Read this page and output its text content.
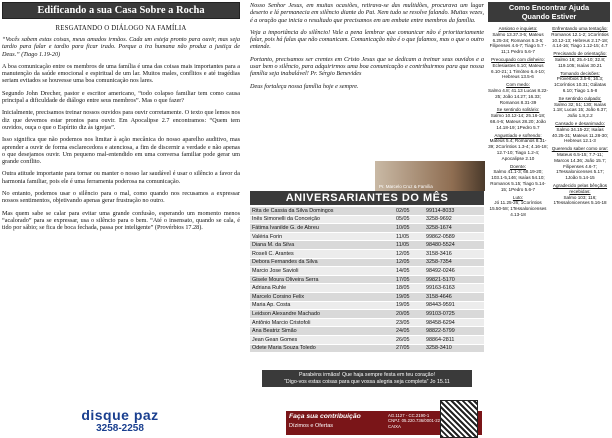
Edificando a sua Casa Sobre a Rocha
RESGATANDO O DIÁLOGO NA FAMÍLIA

“Vocês sabem estas coisas, meus amados irmãos. Cada um esteja pronto para ouvir, mas seja tardio para falar e tardio para ficar irado. Porque a ira humana não produz a justiça de Deus.” (Tiago 1.19-20)

A boa comunicação entre os membros de uma família é uma das coisas mais importantes para a manutenção da saúde emocional e espiritual de um lar. Muitos males, conflitos e até tragédias seriam evitados se houvesse uma boa comunicação nos lares.

Segundo John Drecher, pastor e escritor americano, “todo colapso familiar tem como causa principal a dificuldade de diálogo entre seus membros”. Mas o que fazer?

Inicialmente, precisamos treinar nossos ouvidos para ouvir corretamente. O texto que lemos nos diz que devemos estar prontos para ouvir. Em Apocalipse 2.7 encontramos: “Quem tem ouvidos, ouça o que o Espírito diz às igrejas”.

Isso significa que não podemos nos limitar à ação mecânica do nosso aparelho auditivo, mas aprender a ouvir de forma esclarecedora e atenciosa, a fim de discernir a verdade e não apenas o que desejamos ouvir. Um pequeno mal-entendido em uma conversa familiar pode gerar um grande conflito.

Outra atitude importante para tornar ou manter o nosso lar saudável é usar o silêncio a favor da harmonia familiar, pois ele é uma ferramenta poderosa na comunicação.

No entanto, podemos usar o silêncio para o mal, como quando nos recusamos a expressar nossos sentimentos, objetivando apenas gerar frustração no outro.

Mas quem sabe se calar para evitar uma grande confusão, esperando um momento menos “acalorado” para se expressar, usa o silêncio para o bem. “Até o insensato, quando se cala, é tido por sábio; se fica de boca fechada, passa por inteligente” (Provérbios 17.28).

disque paz
3258-2258

Nosso Senhor Jesus, em muitas ocasiões, retirava-se das multidões, procurava um lugar deserto e lá permanecia em silêncio diante do Pai. Nem tudo se resolve falando. Muitas vezes, é a oração que inicia o resultado que precisamos em um embate entre membros da família.

Veja a importância do silêncio! Vale a pena lembrar que comunicar não é prioritariamente falar, pois há falas que não comunicam. Comunicação não é o que falamos, mas o que o outro entende.

Portanto, precisamos ser crentes em Cristo Jesus que se dedicam a treinar seus ouvidos e a usar bem o silêncio, para adquirirmos uma boa comunicação e contribuirmos para que nossa família seja inabalável! Pr. Sérgio Benevides

Deus fortaleça nossa família hoje e sempre.

Pr. Marcelo Cruz & Família
ANIVERSARIANTES DO MÊS
Rita de Cassia da Silva Domingos	02/05	99114-8033
Inês Simonelli da Conceição	05/05	3258-9692
Fátima Ivanilde G. de Abreu	10/05	3258-1674
Valéria Forin	11/05	99862-0589
Diana M. da Silva	11/05	98480-5524
Roseli C. Arantes	12/05	3158-3416
Debora Fernandes da Silva	12/05	3258-7354
Marcio Jose Savioli	14/05	98492-0246
Gisele Moura Oliveira Serra	17/05	99821-5170
Adriana Ruhle	18/05	99163-6163
Marcelo Corsino Felix	19/05	3158-4646
Maria Ap. Costa	19/05	98443-9591
Leidson Alexandre Machado	20/05	99103-0725
Antônio Marcio Cristofoli	23/05	98458-6294
Ana Beatriz Simão	24/05	98822-5799
Jean Gean Gomes	26/05	98864-2811
Odete Maria Souza Toledo	27/05	3258-3410
Parabéns irmãos! Que haja sempre festa em teu coração!
“Digo-vos estas coisas para que vossa alegria seja completa” Jo 15.11
Faça sua contribuição
Dízimos e Ofertas
AG.1127 - CC.2190-1
CNPJ: 05.220.736/0001-22
CAIXA
Como Encontrar Ajuda
Quando Estiver
Ansioso e inquieto:
Salmo 13.37.3-5; Mateus 6.25-34; Romanos 5.3-5; Filipenses 4.6-7; Tiago 5.7 - 11;1 Pedro 5.6-7
Preocupado com dinheiro:
Eclesiastes 5.10; Mateus 6.10-21; 1 Timóteo 6.4-10; Hebreus 13.5-6
Com medo:
Salmo 4.8; 41.13 Lucas 8.22-25; João 14.27; 16.33; Romanos 8.31-39
Se sentindo solitário:
Salmo 10.12-14; 25.16-18; 68.4-6; Mateus 28.20; João 14.18-19; 1Pedro 5.7
Angustiado e sofrendo:
Mateus 5.4; Romanos 8.31-39; 2Coríntios 1.3-4; 4.16-18; 12.7-10; Tiago 1.2-4; Apocalipse 2.10
Doente:
Salmo 41.1-3; 68.19-20; 103.1-5,146; Isaías 54.10; Romanos 5.15; Tiago 5.14-15; 1Pedro 5.6-7
Luto:
Jó 11.25-26; 1Coríntios 15.50-58; 1Tessalonicenses 4.13-18
Enfrentando uma tentação:
Romanos 12.1-2; 1Coríntios 10.12-13; Hebreus 2.17-18; 4.14-16; Tiago 1.12-15; 4.7
Precisando de orientação:
Salmo 16; 25.4-10; 32.8; 119.105; Isaías 30.21
Tomando decisões:
Provérbios 3.5-6; 16.3; 1Coríntios 10.31; Gálatas 6.10; Tiago 1.5-8
Se sentindo culpado:
Salmo 32; 51; 130; Isaías 1.18; Lucas 15; João 6.37; João 1.8,2.2
Cansado e desanimado:
Salmo 34.15-22; Isaías 40.25-31; Mateus 11.28-30; Hebreus 12.1-3
Querendo saber como orar:
Mateus 6.5-15; 7.7-11; Marcos 14.36; João 15.7; Filipenses 4.6-7; 1Tessalonicenses 5.17; 1João 5.14-15
Agradecido pelas bênçãos recebidas:
Salmo 103; 116; 1Tessalonicenses 5.16-18
